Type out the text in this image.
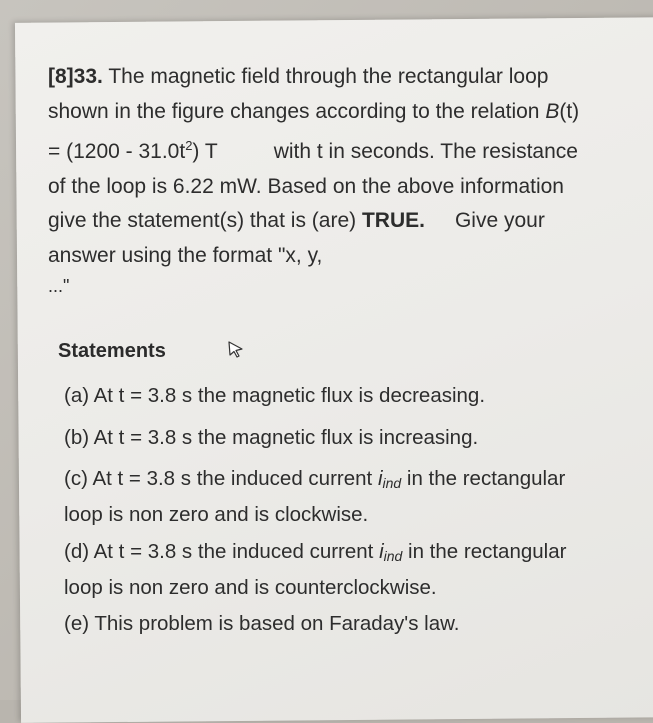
[8]33. The magnetic field through the rectangular loop

shown in the figure changes according to the relation B(t)

= $(1200 - 31.0t^2)$ T	with t in seconds. The resistance

of the loop is 6.22 mW. Based on the above information

give the statement(s) that is (are) TRUE. Give your

answer using the format "x, y,

..."

Statements
(a) At t = 3.8 s the magnetic flux is decreasing.
(b) At t = 3.8 s the magnetic flux is increasing.
(c) At t = 3.8 s the induced current $i_{ind}$ in the rectangular
loop is non zero and is clockwise.
(d) At t = 3.8 s the induced current $i_{ind}$ in the rectangular
loop is non zero and is counterclockwise.
(e) This problem is based on Faraday's law.
